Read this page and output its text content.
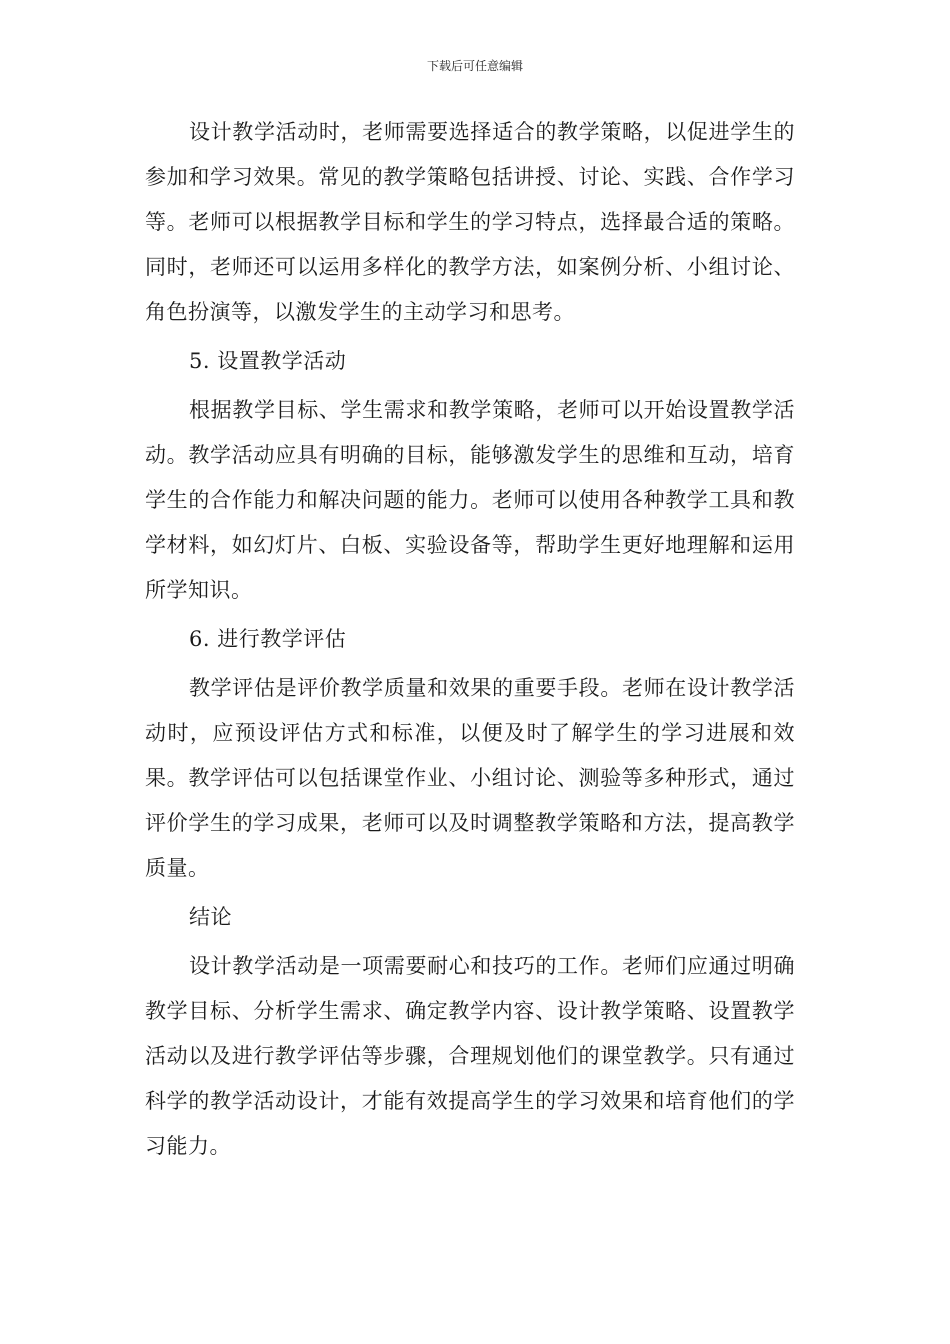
下载后可任意编辑

设计教学活动时，老师需要选择适合的教学策略，以促进学生的参加和学习效果。常见的教学策略包括讲授、讨论、实践、合作学习等。老师可以根据教学目标和学生的学习特点，选择最合适的策略。同时，老师还可以运用多样化的教学方法，如案例分析、小组讨论、角色扮演等，以激发学生的主动学习和思考。

5. 设置教学活动

根据教学目标、学生需求和教学策略，老师可以开始设置教学活动。教学活动应具有明确的目标，能够激发学生的思维和互动，培育学生的合作能力和解决问题的能力。老师可以使用各种教学工具和教学材料，如幻灯片、白板、实验设备等，帮助学生更好地理解和运用所学知识。

6. 进行教学评估

教学评估是评价教学质量和效果的重要手段。老师在设计教学活动时，应预设评估方式和标准，以便及时了解学生的学习进展和效果。教学评估可以包括课堂作业、小组讨论、测验等多种形式，通过评价学生的学习成果，老师可以及时调整教学策略和方法，提高教学质量。

结论

设计教学活动是一项需要耐心和技巧的工作。老师们应通过明确教学目标、分析学生需求、确定教学内容、设计教学策略、设置教学活动以及进行教学评估等步骤，合理规划他们的课堂教学。只有通过科学的教学活动设计，才能有效提高学生的学习效果和培育他们的学习能力。
